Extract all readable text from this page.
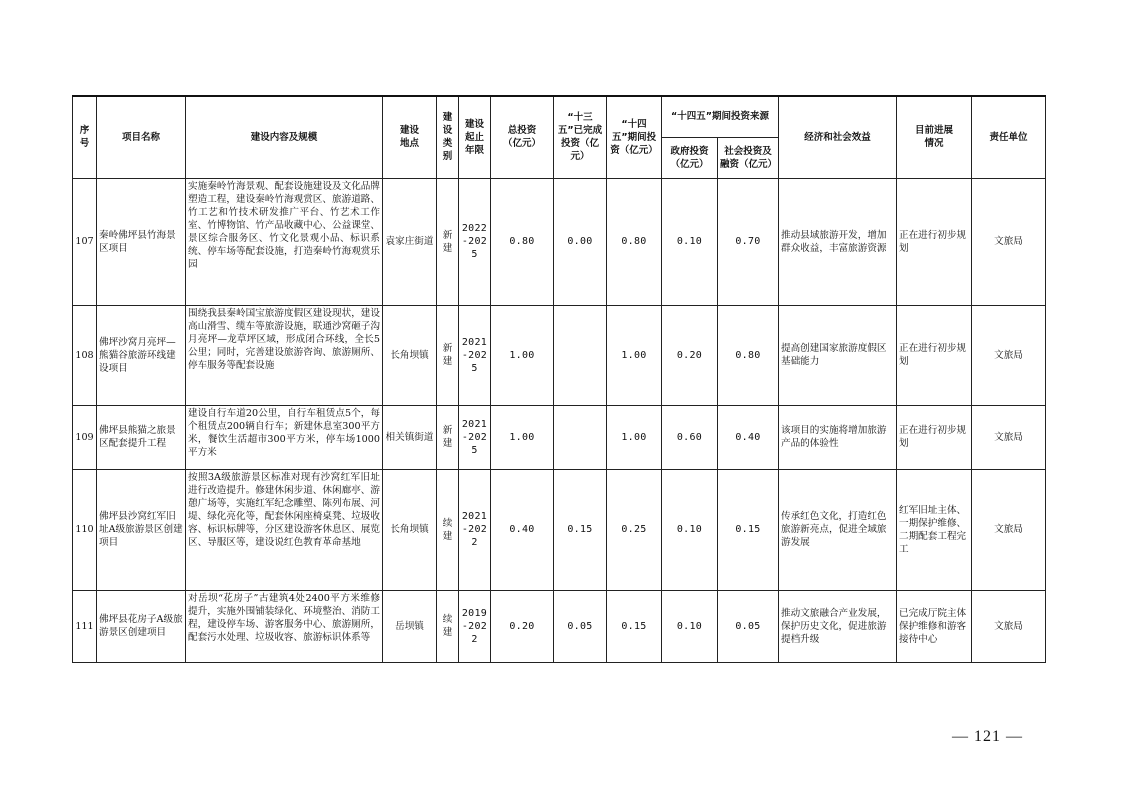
序号	项目名称	建设内容及规模	建设地点	建设类别	建设起止年限	总投资（亿元）	“十三五”已完成投资（亿元）	“十四五”期间投资（亿元）	“十四五”期间投资来源		经济和社会效益	目前进展情况	责任单位
									政府投资（亿元）	社会投资及融资（亿元）			
107	秦岭佛坪县竹海景区项目	实施秦岭竹海景观、配套设施建设及文化品牌塑造工程，建设秦岭竹海观赏区、旅游道路、竹工艺和竹技术研发推广平台、竹艺术工作室、竹博物馆、竹产品收藏中心、公益课堂、景区综合服务区、竹文化景观小品、标识系统、停车场等配套设施，打造秦岭竹海观赏乐园	袁家庄街道	新建	2022-2025	0.80	0.00	0.80	0.10	0.70	推动县域旅游开发，增加群众收益，丰富旅游资源	正在进行初步规划	文旅局
108	佛坪沙窝月亮坪—熊猫谷旅游环线建设项目	围绕我县秦岭国宝旅游度假区建设现状，建设高山滑雪、缆车等旅游设施，联通沙窝砸子沟月亮坪—龙草坪区域，形成闭合环线，全长5公里；同时，完善建设旅游咨询、旅游厕所、停车服务等配套设施	长角坝镇	新建	2021-2025	1.00		1.00	0.20	0.80	提高创建国家旅游度假区基础能力	正在进行初步规划	文旅局
109	佛坪县熊猫之旅景区配套提升工程	建设自行车道20公里，自行车租赁点5个，每个租赁点200辆自行车；新建休息室300平方米，餐饮生活超市300平方米，停车场1000平方米	相关镇街道	新建	2021-2025	1.00		1.00	0.60	0.40	该项目的实施将增加旅游产品的体验性	正在进行初步规划	文旅局
110	佛坪县沙窝红军旧址A级旅游景区创建项目	按照3A级旅游景区标准对现有沙窝红军旧址进行改造提升。修建休闲步道、休闲廊亭、游憩广场等，实施红军纪念雕塑、陈列布展、河堤、绿化亮化等，配套休闲座椅桌凳、垃圾收容、标识标牌等，分区建设游客休息区、展览区、导服区等，建设说红色教育革命基地	长角坝镇	续建	2021-2022	0.40	0.15	0.25	0.10	0.15	传承红色文化，打造红色旅游新亮点，促进全域旅游发展	红军旧址主体、一期保护维修、二期配套工程完工	文旅局
111	佛坪县花房子A级旅游景区创建项目	对岳坝“花房子”古建筑4处2400平方米维修提升，实施外围铺装绿化、环境整治、消防工程，建设停车场、游客服务中心、旅游厕所，配套污水处理、垃圾收容、旅游标识体系等	岳坝镇	续建	2019-2022	0.20	0.05	0.15	0.10	0.05	推动文旅融合产业发展，保护历史文化，促进旅游提档升级	已完成厅院主体保护维修和游客接待中心	文旅局
— 121 —
